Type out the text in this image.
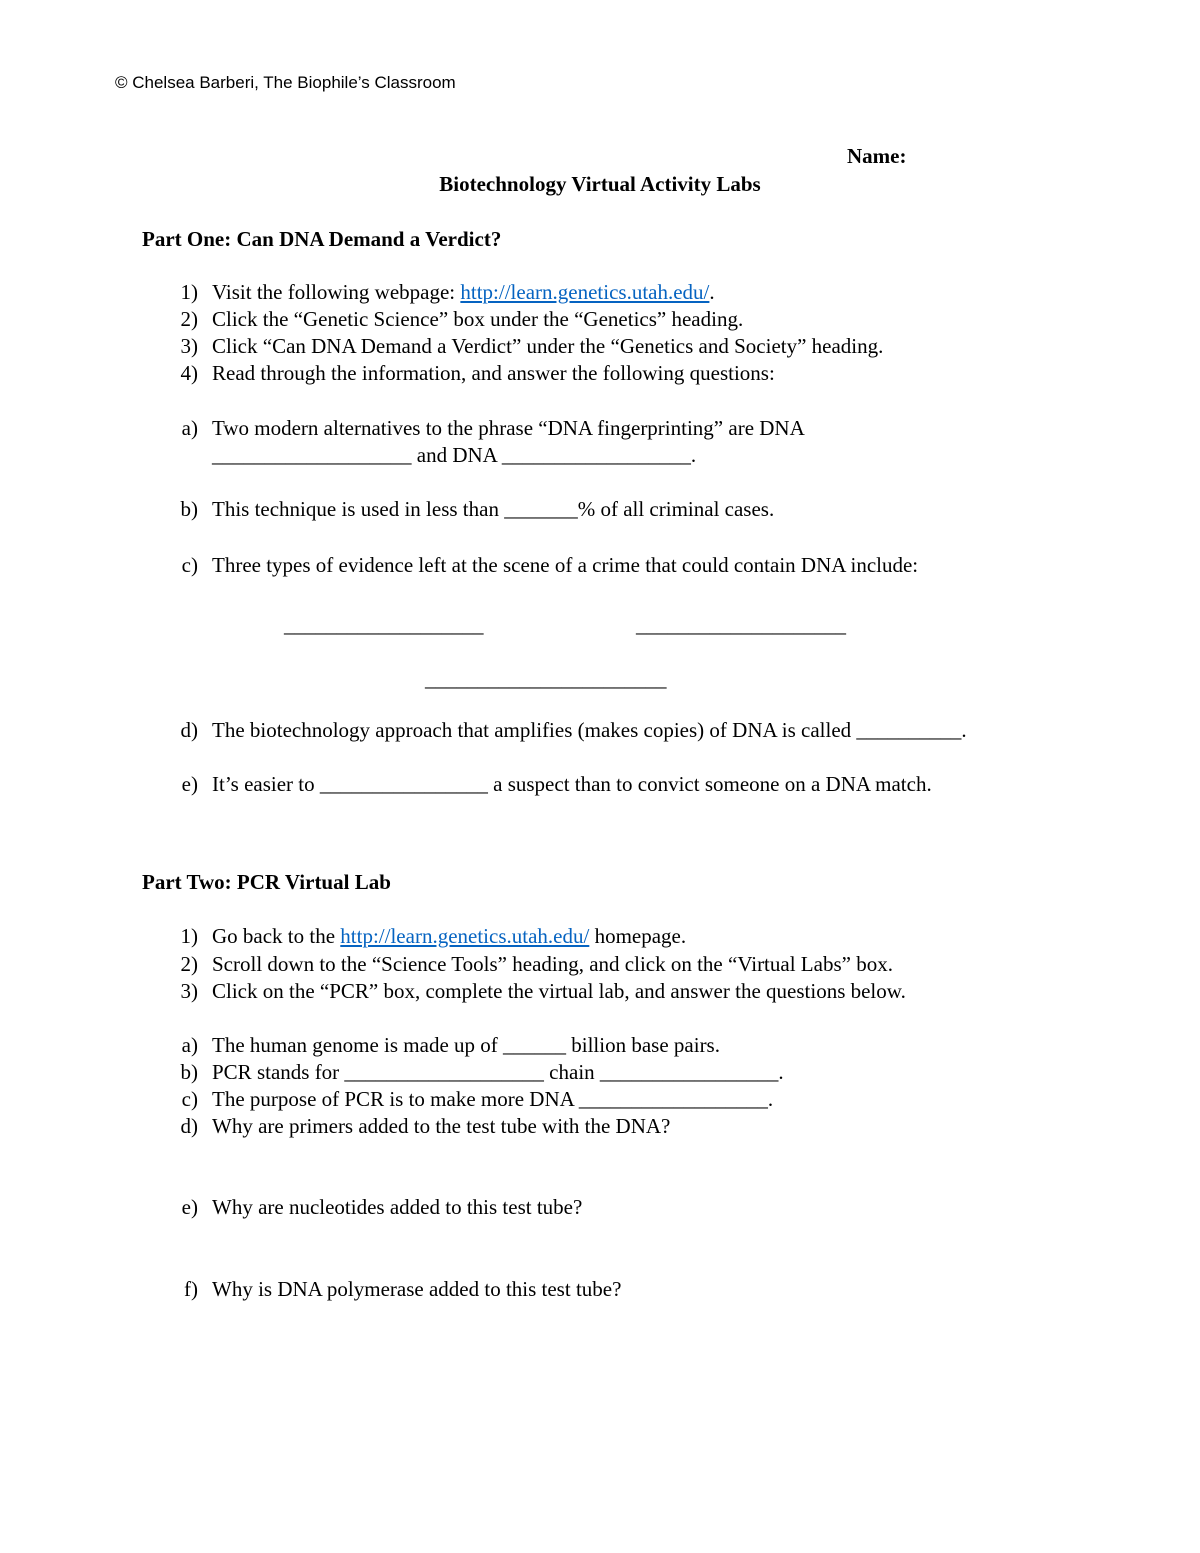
© Chelsea Barberi, The Biophile’s Classroom
Name:
Biotechnology Virtual Activity Labs
Part One: Can DNA Demand a Verdict?
1) Visit the following webpage: http://learn.genetics.utah.edu/.
2) Click the “Genetic Science” box under the “Genetics” heading.
3) Click “Can DNA Demand a Verdict” under the “Genetics and Society” heading.
4) Read through the information, and answer the following questions:
a) Two modern alternatives to the phrase “DNA fingerprinting” are DNA
___________________ and DNA __________________.
b) This technique is used in less than _______% of all criminal cases.
c) Three types of evidence left at the scene of a crime that could contain DNA include:
___________________	____________________
_______________________
d) The biotechnology approach that amplifies (makes copies) of DNA is called __________.
e) It’s easier to ________________ a suspect than to convict someone on a DNA match.
Part Two: PCR Virtual Lab
1) Go back to the http://learn.genetics.utah.edu/ homepage.
2) Scroll down to the “Science Tools” heading, and click on the “Virtual Labs” box.
3) Click on the “PCR” box, complete the virtual lab, and answer the questions below.
a) The human genome is made up of ______ billion base pairs.
b) PCR stands for ___________________ chain _________________.
c) The purpose of PCR is to make more DNA __________________.
d) Why are primers added to the test tube with the DNA?
e) Why are nucleotides added to this test tube?
f) Why is DNA polymerase added to this test tube?
